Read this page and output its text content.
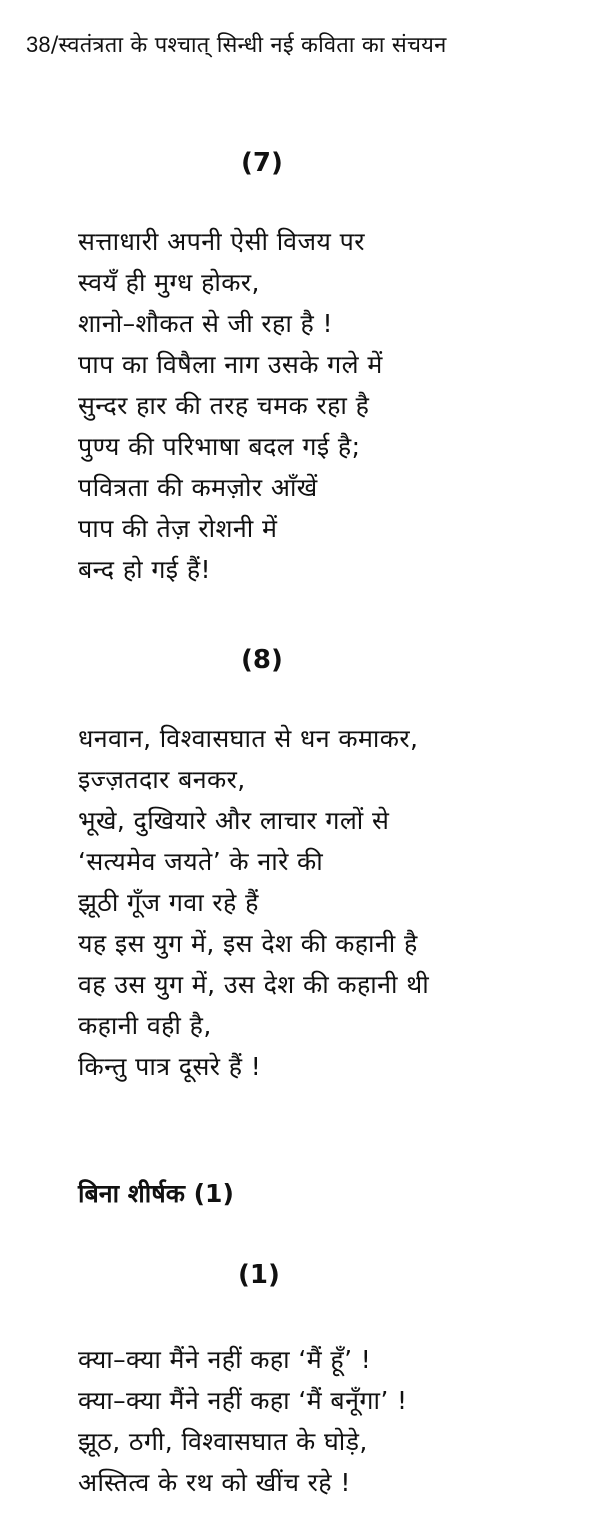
38/स्वतंत्रता के पश्चात् सिन्धी नई कविता का संचयन
(7)
सत्ताधारी अपनी ऐसी विजय पर
स्वयँ ही मुग्ध होकर,
शानो–शौकत से जी रहा है !
पाप का विषैला नाग उसके गले में
सुन्दर हार की तरह चमक रहा है
पुण्य की परिभाषा बदल गई है;
पवित्रता की कमज़ोर आँखें
पाप की तेज़ रोशनी में
बन्द हो गई हैं!
(8)
धनवान, विश्वासघात से धन कमाकर,
इज्ज़तदार बनकर,
भूखे, दुखियारे और लाचार गलों से
‘सत्यमेव जयते’ के नारे की
झूठी गूँज गवा रहे हैं
यह इस युग में, इस देश की कहानी है
वह उस युग में, उस देश की कहानी थी
कहानी वही है,
किन्तु पात्र दूसरे हैं !
बिना शीर्षक (1)
(1)
क्या–क्या मैंने नहीं कहा ‘मैं हूँ’ !
क्या–क्या मैंने नहीं कहा ‘मैं बनूँगा’ !
झूठ, ठगी, विश्वासघात के घोड़े,
अस्तित्व के रथ को खींच रहे !
